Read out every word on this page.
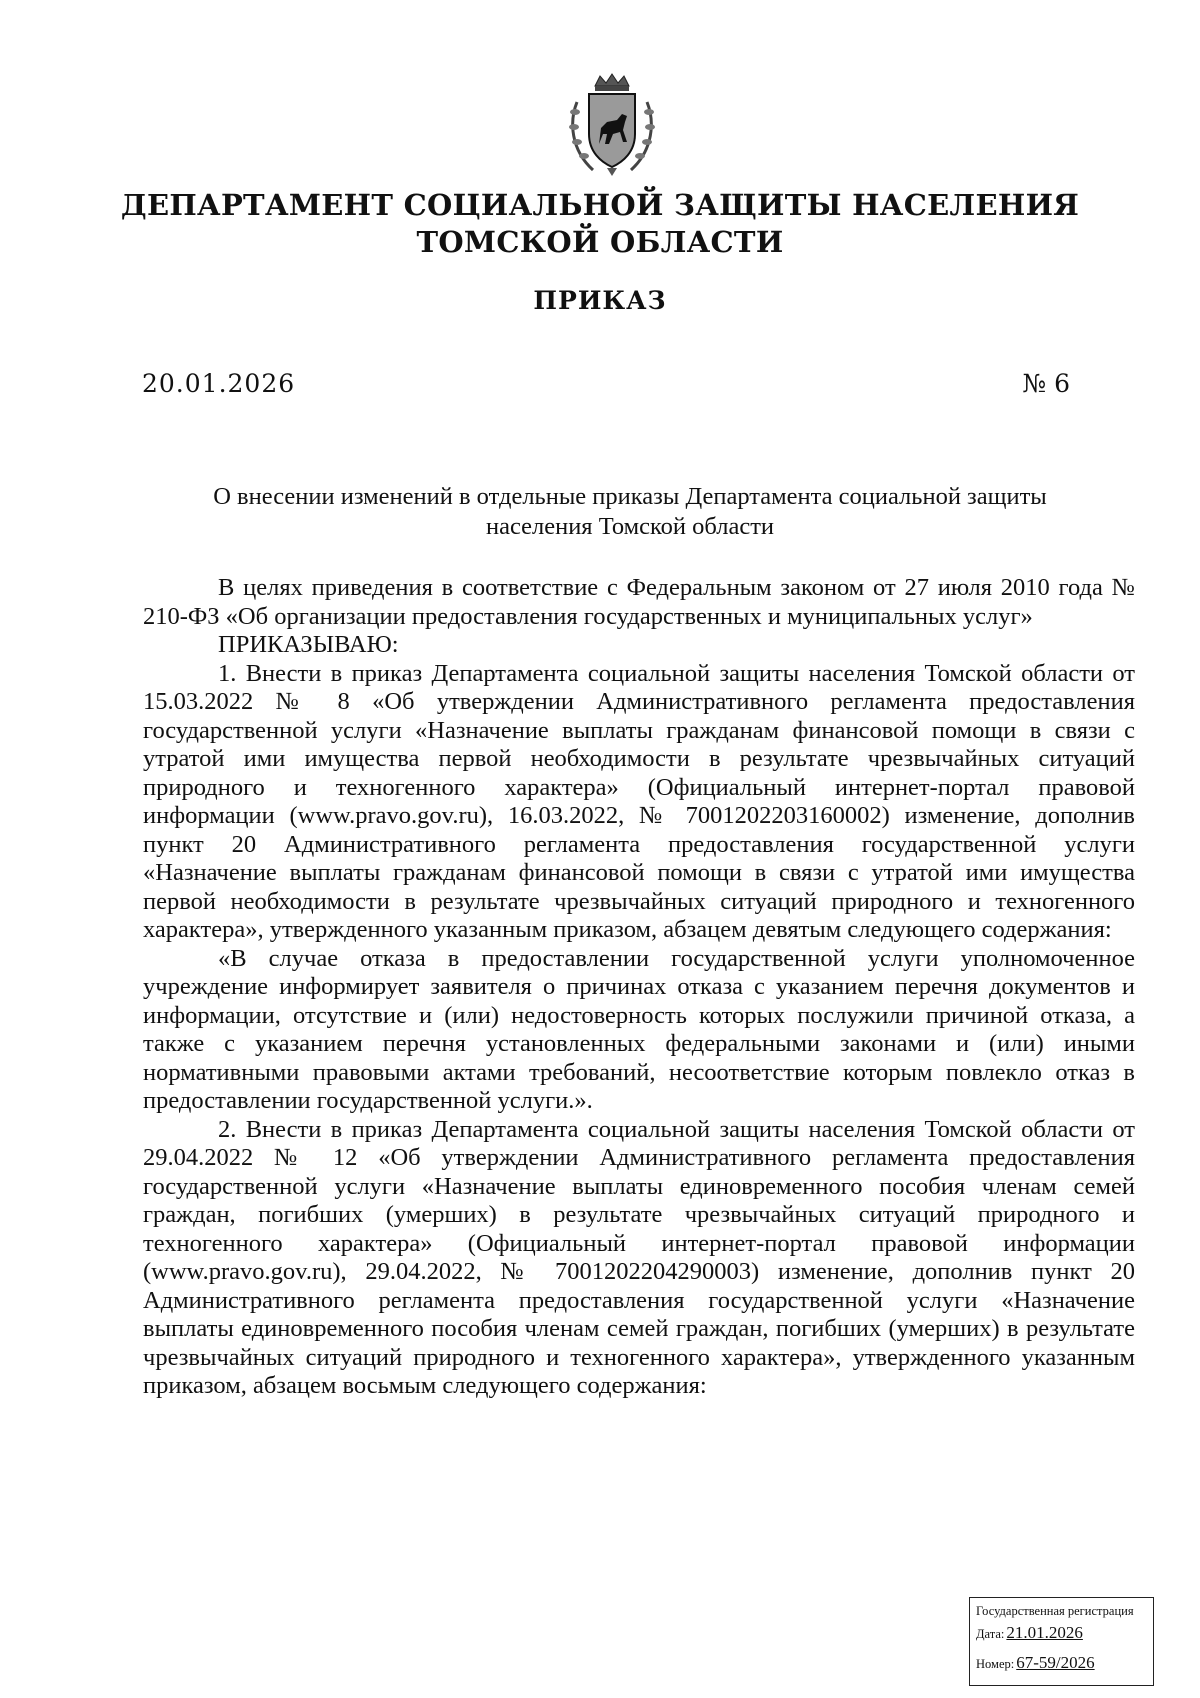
ДЕПАРТАМЕНТ СОЦИАЛЬНОЙ ЗАЩИТЫ НАСЕЛЕНИЯ
ТОМСКОЙ ОБЛАСТИ
ПРИКАЗ
20.01.2026	№ 6
О внесении изменений в отдельные приказы Департамента социальной защиты
населения Томской области

В целях приведения в соответствие с Федеральным законом от 27 июля 2010 года № 210-ФЗ «Об организации предоставления государственных и муниципальных услуг»

ПРИКАЗЫВАЮ:

1. Внести в приказ Департамента социальной защиты населения Томской области от 15.03.2022 № 8 «Об утверждении Административного регламента предоставления государственной услуги «Назначение выплаты гражданам финансовой помощи в связи с утратой ими имущества первой необходимости в результате чрезвычайных ситуаций природного и техногенного характера» (Официальный интернет-портал правовой информации (www.pravo.gov.ru), 16.03.2022, № 7001202203160002) изменение, дополнив пункт 20 Административного регламента предоставления государственной услуги «Назначение выплаты гражданам финансовой помощи в связи с утратой ими имущества первой необходимости в результате чрезвычайных ситуаций природного и техногенного характера», утвержденного указанным приказом, абзацем девятым следующего содержания:

«В случае отказа в предоставлении государственной услуги уполномоченное учреждение информирует заявителя о причинах отказа с указанием перечня документов и информации, отсутствие и (или) недостоверность которых послужили причиной отказа, а также с указанием перечня установленных федеральными законами и (или) иными нормативными правовыми актами требований, несоответствие которым повлекло отказ в предоставлении государственной услуги.».

2. Внести в приказ Департамента социальной защиты населения Томской области от 29.04.2022 № 12 «Об утверждении Административного регламента предоставления государственной услуги «Назначение выплаты единовременного пособия членам семей граждан, погибших (умерших) в результате чрезвычайных ситуаций природного и техногенного характера» (Официальный интернет-портал правовой информации (www.pravo.gov.ru), 29.04.2022, № 7001202204290003) изменение, дополнив пункт 20 Административного регламента предоставления государственной услуги «Назначение выплаты единовременного пособия членам семей граждан, погибших (умерших) в результате чрезвычайных ситуаций природного и техногенного характера», утвержденного указанным приказом, абзацем восьмым следующего содержания:

Государственная регистрация
Дата: 21.01.2026
Номер: 67-59/2026
